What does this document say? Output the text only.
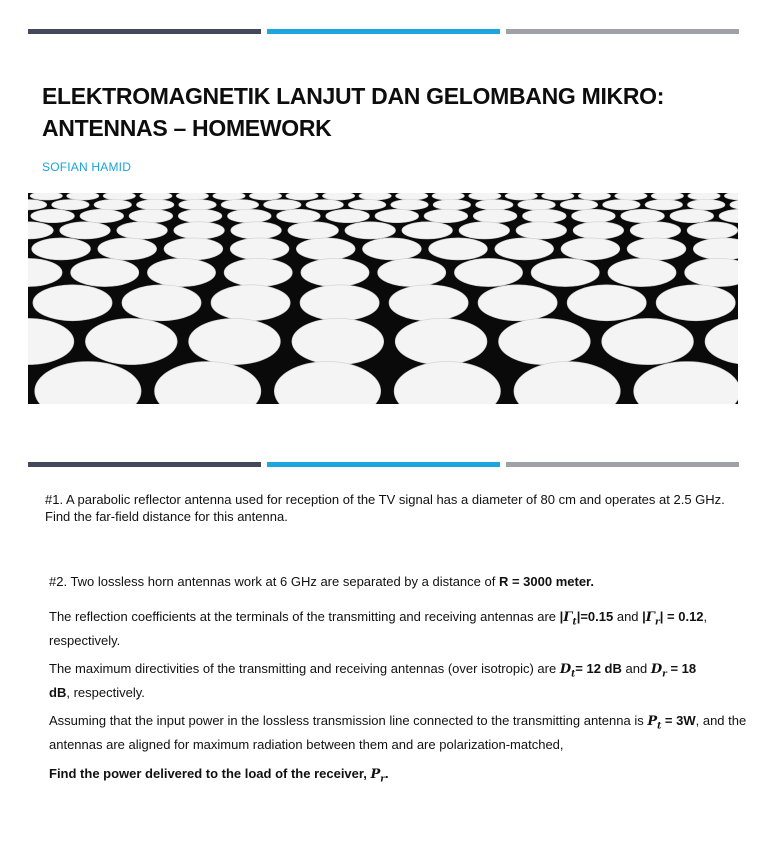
ELEKTROMAGNETIK LANJUT DAN GELOMBANG MIKRO:
ANTENNAS – HOMEWORK
SOFIAN HAMID

#1. A parabolic reflector antenna used for reception of the TV signal has a diameter of 80 cm and operates at 2.5 GHz. Find the far-field distance for this antenna.

#2. Two lossless horn antennas work at 6 GHz are separated by a distance of R = 3000 meter.

The reflection coefficients at the terminals of the transmitting and receiving antennas are $|\Gamma_t|=0.15$ and $|\Gamma_r| = 0.12$, respectively.

The maximum directivities of the transmitting and receiving antennas (over isotropic) are $D_t= 12$ dB and $D_r = 18$ dB, respectively.

Assuming that the input power in the lossless transmission line connected to the transmitting antenna is $P_t = 3W$, and the antennas are aligned for maximum radiation between them and are polarization-matched,

Find the power delivered to the load of the receiver, $P_r$.
